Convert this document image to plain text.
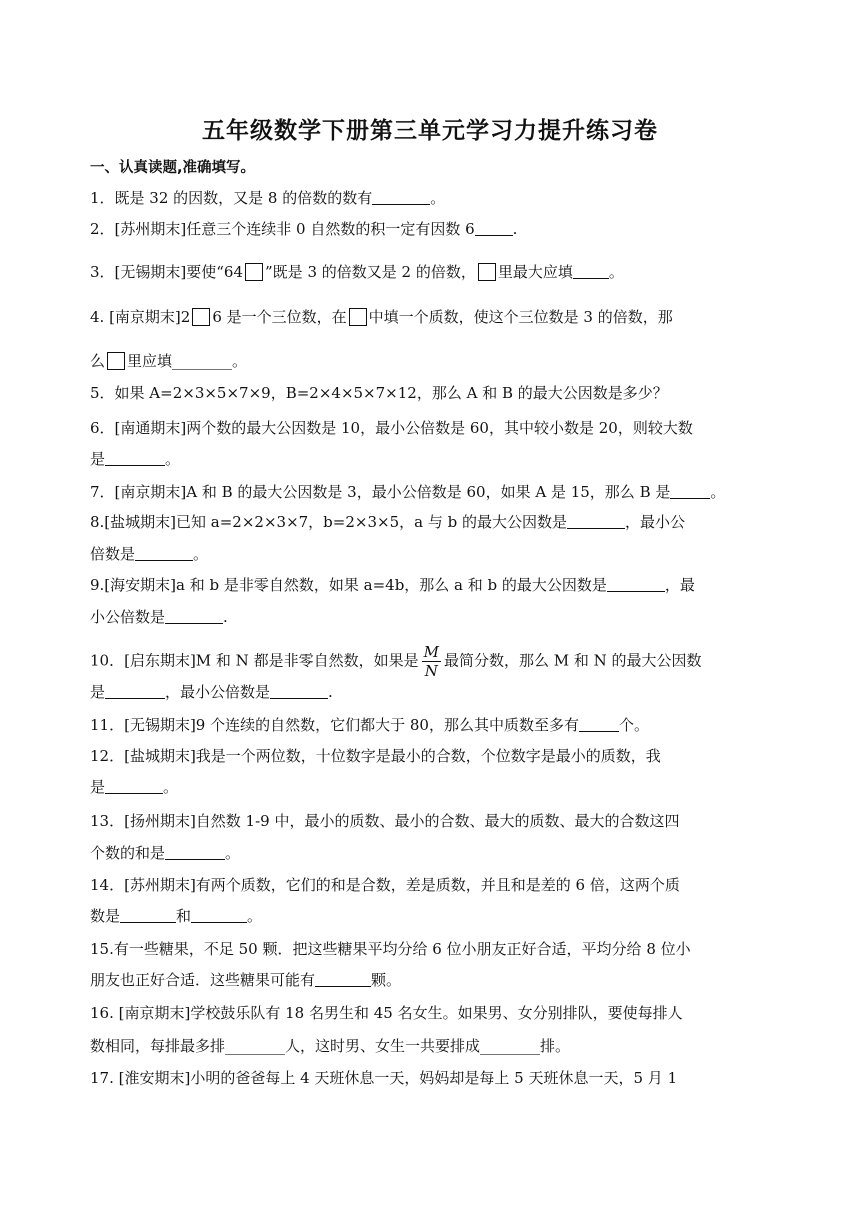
五年级数学下册第三单元学习力提升练习卷
一、认真读题,准确填写。
1．既是 32 的因数，又是 8 的倍数的数有	。
2．[苏州期末]任意三个连续非 0 自然数的积一定有因数 6	.
3．[无锡期末]要使“64 ”既是 3 的倍数又是 2 的倍数， 里最大应填 。
4. [南京期末]2 6 是一个三位数，在 中填一个质数，使这个三位数是 3 的倍数，那
么 里应填________。
5．如果 A=2×3×5×7×9，B=2×4×5×7×12，那么 A 和 B 的最大公因数是多少？
6．[南通期末]两个数的最大公因数是 10，最小公倍数是 60，其中较小数是 20，则较大数
是	。
7．[南京期末]A 和 B 的最大公因数是 3，最小公倍数是 60，如果 A 是 15，那么 B 是	。
8.[盐城期末]已知 a=2×2×3×7，b=2×3×5，a 与 b 的最大公因数是	，最小公
倍数是	。
9.[海安期末]a 和 b 是非零自然数，如果 a=4b，那么 a 和 b 的最大公因数是	，最
小公倍数是	.
10．[启东期末]M 和 N 都是非零自然数，如果是 $\frac{M}{N}$ 最简分数，那么 M 和 N 的最大公因数
是	，最小公倍数是	.
11．[无锡期末]9 个连续的自然数，它们都大于 80，那么其中质数至多有	个。
12．[盐城期末]我是一个两位数，十位数字是最小的合数，个位数字是最小的质数，我
是	。
13．[扬州期末]自然数 1-9 中，最小的质数、最小的合数、最大的质数、最大的合数这四
个数的和是	。
14．[苏州期末]有两个质数，它们的和是合数，差是质数，并且和是差的 6 倍，这两个质
数是	和	。
15.有一些糖果，不足 50 颗．把这些糖果平均分给 6 位小朋友正好合适，平均分给 8 位小
朋友也正好合适．这些糖果可能有	颗。
16. [南京期末]学校鼓乐队有 18 名男生和 45 名女生。如果男、女分别排队，要使每排人
数相同，每排最多排________人，这时男、女生一共要排成________排。
17. [淮安期末]小明的爸爸每上 4 天班休息一天，妈妈却是每上 5 天班休息一天，5 月 1
